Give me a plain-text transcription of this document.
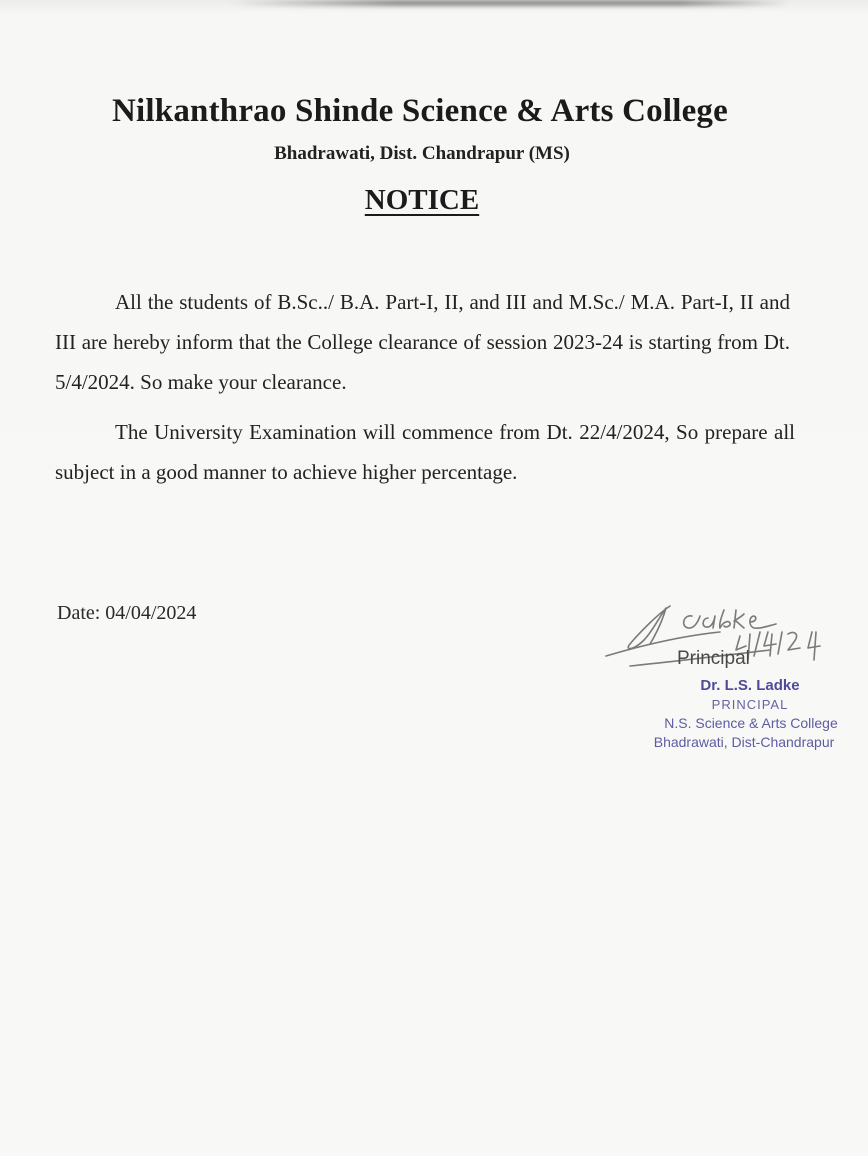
Nilkanthrao Shinde Science & Arts College

Bhadrawati, Dist. Chandrapur (MS)

NOTICE

All the students of B.Sc../ B.A. Part-I, II, and III and M.Sc./ M.A. Part-I, II and III are hereby inform that the College clearance of session 2023-24 is starting from Dt. 5/4/2024. So make your clearance.

The University Examination will commence from Dt. 22/4/2024, So prepare all subject in a good manner to achieve higher percentage.

Date: 04/04/2024

Principal

Dr. L.S. Ladke
PRINCIPAL
N.S. Science & Arts College
Bhadrawati, Dist-Chandrapur
